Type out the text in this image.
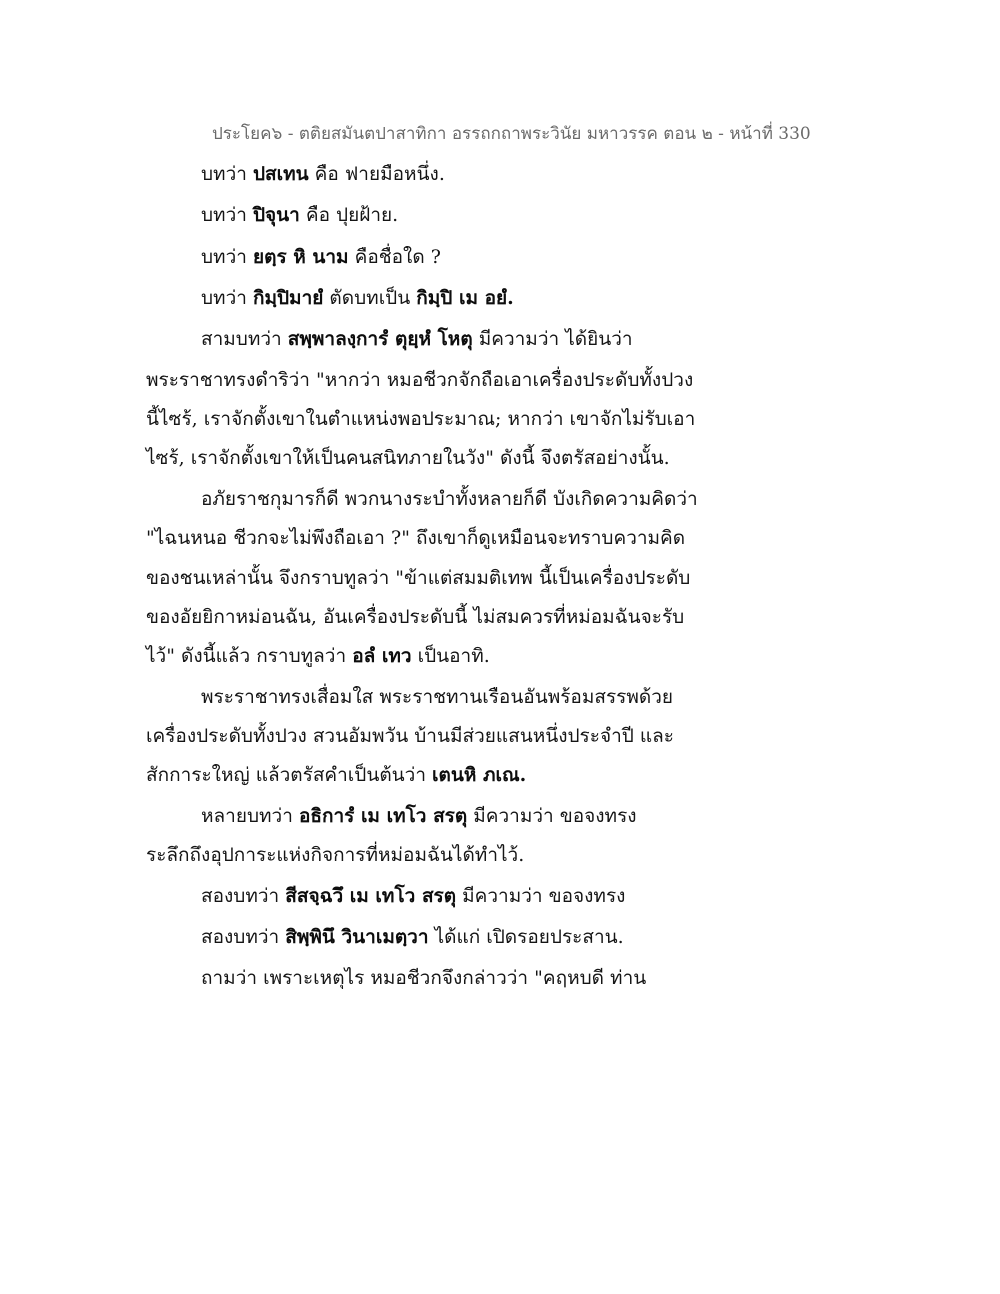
ประโยค๖ - ตติยสมันตปาสาทิกา อรรถกถาพระวินัย มหาวรรค ตอน ๒ - หน้าที่ 330
บทว่า ปสเทน คือ ฟายมือหนึ่ง.
บทว่า ปิจุนา คือ ปุยฝ้าย.
บทว่า ยตฺร หิ นาม คือชื่อใด ?
บทว่า กิมฺปิมายํ ตัดบทเป็น กิมฺปิ เม อยํ.
สามบทว่า สพฺพาลงฺการํ ตุยฺหํ โหตุ มีความว่า ได้ยินว่า
พระราชาทรงดำริว่า "หากว่า หมอชีวกจักถือเอาเครื่องประดับทั้งปวง
นี้ไซร้, เราจักตั้งเขาในตำแหน่งพอประมาณ; หากว่า เขาจักไม่รับเอา
ไซร้, เราจักตั้งเขาให้เป็นคนสนิทภายในวัง" ดังนี้ จึงตรัสอย่างนั้น.
อภัยราชกุมารก็ดี พวกนางระบำทั้งหลายก็ดี บังเกิดความคิดว่า
"ไฉนหนอ ชีวกจะไม่พึงถือเอา ?" ถึงเขาก็ดูเหมือนจะทราบความคิด
ของชนเหล่านั้น จึงกราบทูลว่า "ข้าแต่สมมติเทพ นี้เป็นเครื่องประดับ
ของอัยยิกาหม่อนฉัน, อันเครื่องประดับนี้ ไม่สมควรที่หม่อมฉันจะรับ
ไว้" ดังนี้แล้ว กราบทูลว่า อลํ เทว เป็นอาทิ.
พระราชาทรงเสื่อมใส พระราชทานเรือนอันพร้อมสรรพด้วย
เครื่องประดับทั้งปวง สวนอัมพวัน บ้านมีส่วยแสนหนึ่งประจำปี และ
สักการะใหญ่ แล้วตรัสคำเป็นต้นว่า เตนหิ ภเณ.
หลายบทว่า อธิการํ เม เทโว สรตุ มีความว่า ขอจงทรง
ระลึกถึงอุปการะแห่งกิจการที่หม่อมฉันได้ทำไว้.
สองบทว่า สีสจฺฉวึ เม เทโว สรตุ มีความว่า ขอจงทรง
สองบทว่า สิพฺพินึ วินาเมตฺวา ได้แก่ เปิดรอยประสาน.
ถามว่า เพราะเหตุไร หมอชีวกจึงกล่าวว่า "คฤหบดี ท่าน
